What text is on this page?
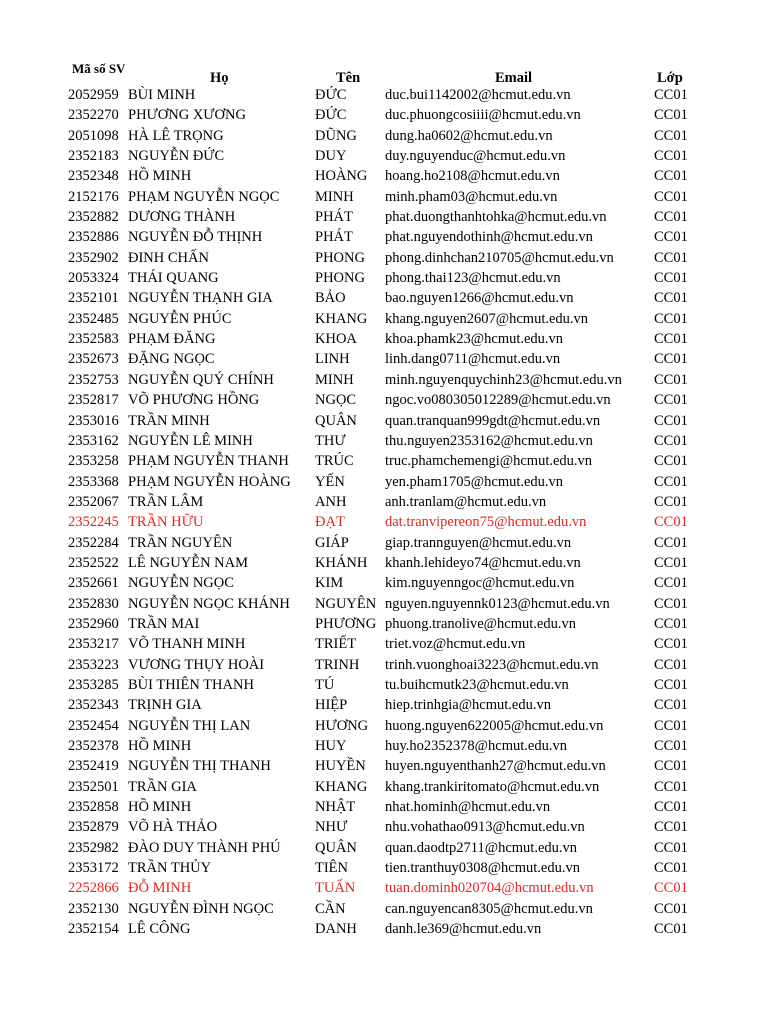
Mã số SV
Họ	Tên	Email	Lớp
2052959 BÙI MINH	ĐỨC	duc.bui1142002@hcmut.edu.vn	CC01
2352270 PHƯƠNG XƯƠNG	ĐỨC	duc.phuongcosiiii@hcmut.edu.vn	CC01
2051098 HÀ LÊ TRỌNG	DŨNG	dung.ha0602@hcmut.edu.vn	CC01
2352183 NGUYỄN ĐỨC	DUY	duy.nguyenduc@hcmut.edu.vn	CC01
2352348 HỒ MINH	HOÀNG	hoang.ho2108@hcmut.edu.vn	CC01
2152176 PHẠM NGUYỄN NGỌC	MINH	minh.pham03@hcmut.edu.vn	CC01
2352882 DƯƠNG THÀNH	PHÁT	phat.duongthanhtohka@hcmut.edu.vn	CC01
2352886 NGUYỄN ĐỖ THỊNH	PHÁT	phat.nguyendothinh@hcmut.edu.vn	CC01
2352902 ĐINH CHẤN	PHONG	phong.dinhchan210705@hcmut.edu.vn	CC01
2053324 THÁI QUANG	PHONG	phong.thai123@hcmut.edu.vn	CC01
2352101 NGUYỄN THẠNH GIA	BẢO	bao.nguyen1266@hcmut.edu.vn	CC01
2352485 NGUYỄN PHÚC	KHANG	khang.nguyen2607@hcmut.edu.vn	CC01
2352583 PHẠM ĐĂNG	KHOA	khoa.phamk23@hcmut.edu.vn	CC01
2352673 ĐẶNG NGỌC	LINH	linh.dang0711@hcmut.edu.vn	CC01
2352753 NGUYỄN QUÝ CHÍNH	MINH	minh.nguyenquychinh23@hcmut.edu.vn	CC01
2352817 VÕ PHƯƠNG HỒNG	NGỌC	ngoc.vo080305012289@hcmut.edu.vn	CC01
2353016 TRẦN MINH	QUÂN	quan.tranquan999gdt@hcmut.edu.vn	CC01
2353162 NGUYỄN LÊ MINH	THƯ	thu.nguyen2353162@hcmut.edu.vn	CC01
2353258 PHẠM NGUYỄN THANH	TRÚC	truc.phamchemengi@hcmut.edu.vn	CC01
2353368 PHẠM NGUYỄN HOÀNG	YẾN	yen.pham1705@hcmut.edu.vn	CC01
2352067 TRẦN LÂM	ANH	anh.tranlam@hcmut.edu.vn	CC01
2352245 TRẦN HỮU	ĐẠT	dat.tranvipereon75@hcmut.edu.vn	CC01
2352284 TRẦN NGUYÊN	GIÁP	giap.trannguyen@hcmut.edu.vn	CC01
2352522 LÊ NGUYỄN NAM	KHÁNH	khanh.lehideyo74@hcmut.edu.vn	CC01
2352661 NGUYỄN NGỌC	KIM	kim.nguyenngoc@hcmut.edu.vn	CC01
2352830 NGUYỄN NGỌC KHÁNH	NGUYÊN nguyen.nguyennk0123@hcmut.edu.vn	CC01
2352960 TRẦN MAI	PHƯƠNG phuong.tranolive@hcmut.edu.vn	CC01
2353217 VÕ THANH MINH	TRIẾT	triet.voz@hcmut.edu.vn	CC01
2353223 VƯƠNG THỤY HOÀI	TRINH	trinh.vuonghoai3223@hcmut.edu.vn	CC01
2353285 BÙI THIÊN THANH	TÚ	tu.buihcmutk23@hcmut.edu.vn	CC01
2352343 TRỊNH GIA	HIỆP	hiep.trinhgia@hcmut.edu.vn	CC01
2352454 NGUYỄN THỊ LAN	HƯƠNG	huong.nguyen622005@hcmut.edu.vn	CC01
2352378 HỒ MINH	HUY	huy.ho2352378@hcmut.edu.vn	CC01
2352419 NGUYỄN THỊ THANH	HUYỀN	huyen.nguyenthanh27@hcmut.edu.vn	CC01
2352501 TRẦN GIA	KHANG	khang.trankiritomato@hcmut.edu.vn	CC01
2352858 HỒ MINH	NHẬT	nhat.hominh@hcmut.edu.vn	CC01
2352879 VÕ HÀ THẢO	NHƯ	nhu.vohathao0913@hcmut.edu.vn	CC01
2352982 ĐÀO DUY THÀNH PHÚ	QUÂN	quan.daodtp2711@hcmut.edu.vn	CC01
2353172 TRẦN THỦY	TIÊN	tien.tranthuy0308@hcmut.edu.vn	CC01
2252866 ĐỖ MINH	TUẤN	tuan.dominh020704@hcmut.edu.vn	CC01
2352130 NGUYỄN ĐÌNH NGỌC	CẦN	can.nguyencan8305@hcmut.edu.vn	CC01
2352154 LÊ CÔNG	DANH	danh.le369@hcmut.edu.vn	CC01
